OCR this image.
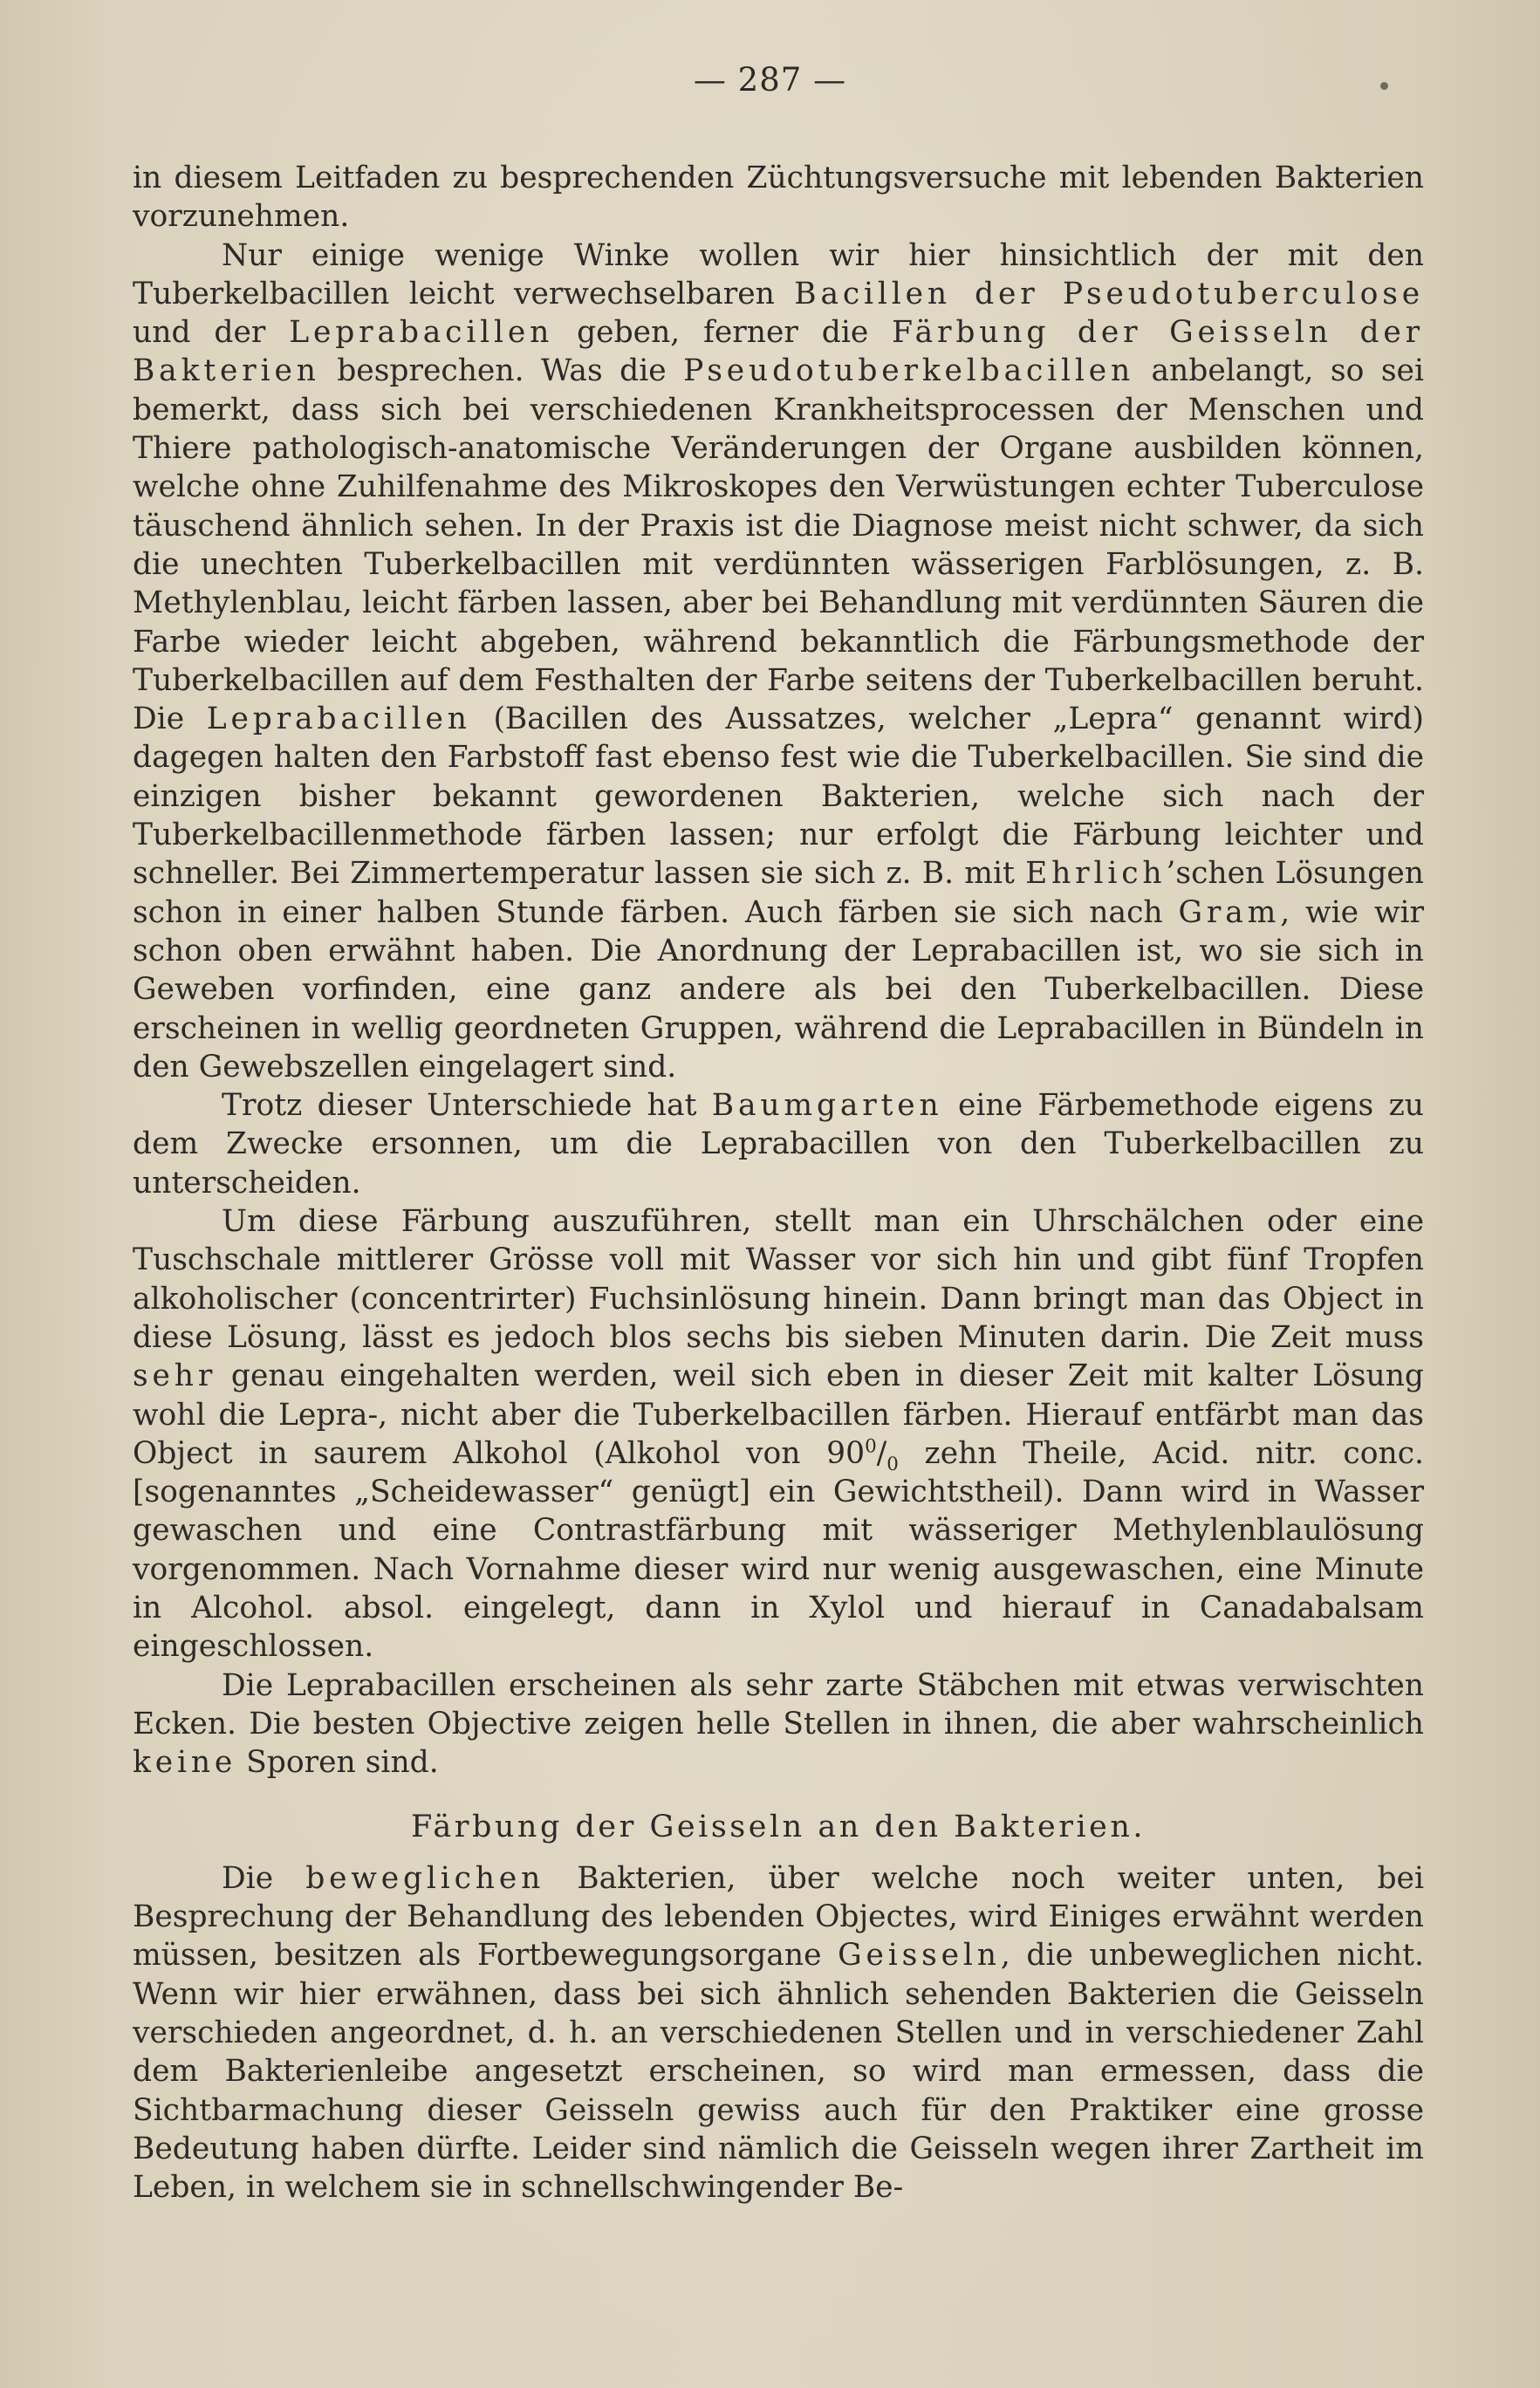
— 287 —

in diesem Leitfaden zu besprechenden Züchtungsversuche mit lebenden Bakterien vorzunehmen.

Nur einige wenige Winke wollen wir hier hinsichtlich der mit den Tuberkelbacillen leicht verwechselbaren Bacillen der Pseudotuberculose und der Leprabacillen geben, ferner die Färbung der Geisseln der Bakterien besprechen. Was die Pseudotuberkelbacillen anbelangt, so sei bemerkt, dass sich bei verschiedenen Krankheitsprocessen der Menschen und Thiere pathologisch-anatomische Veränderungen der Organe ausbilden können, welche ohne Zuhilfenahme des Mikroskopes den Verwüstungen echter Tuberculose täuschend ähnlich sehen. In der Praxis ist die Diagnose meist nicht schwer, da sich die unechten Tuberkelbacillen mit verdünnten wässerigen Farblösungen, z. B. Methylenblau, leicht färben lassen, aber bei Behandlung mit verdünnten Säuren die Farbe wieder leicht abgeben, während bekanntlich die Färbungsmethode der Tuberkelbacillen auf dem Festhalten der Farbe seitens der Tuberkelbacillen beruht. Die Leprabacillen (Bacillen des Aussatzes, welcher „Lepra“ genannt wird) dagegen halten den Farbstoff fast ebenso fest wie die Tuberkelbacillen. Sie sind die einzigen bisher bekannt gewordenen Bakterien, welche sich nach der Tuberkelbacillenmethode färben lassen; nur erfolgt die Färbung leichter und schneller. Bei Zimmertemperatur lassen sie sich z. B. mit Ehrlich’schen Lösungen schon in einer halben Stunde färben. Auch färben sie sich nach Gram, wie wir schon oben erwähnt haben. Die Anordnung der Leprabacillen ist, wo sie sich in Geweben vorfinden, eine ganz andere als bei den Tuberkelbacillen. Diese erscheinen in wellig geordneten Gruppen, während die Leprabacillen in Bündeln in den Gewebszellen eingelagert sind.

Trotz dieser Unterschiede hat Baumgarten eine Färbemethode eigens zu dem Zwecke ersonnen, um die Leprabacillen von den Tuberkelbacillen zu unterscheiden.

Um diese Färbung auszuführen, stellt man ein Uhrschälchen oder eine Tuschschale mittlerer Grösse voll mit Wasser vor sich hin und gibt fünf Tropfen alkoholischer (concentrirter) Fuchsinlösung hinein. Dann bringt man das Object in diese Lösung, lässt es jedoch blos sechs bis sieben Minuten darin. Die Zeit muss sehr genau eingehalten werden, weil sich eben in dieser Zeit mit kalter Lösung wohl die Lepra-, nicht aber die Tuberkelbacillen färben. Hierauf entfärbt man das Object in saurem Alkohol (Alkohol von $90^0/_0$ zehn Theile, Acid. nitr. conc. [sogenanntes „Scheidewasser“ genügt] ein Gewichtstheil). Dann wird in Wasser gewaschen und eine Contrastfärbung mit wässeriger Methylenblaulösung vorgenommen. Nach Vornahme dieser wird nur wenig ausgewaschen, eine Minute in Alcohol. absol. eingelegt, dann in Xylol und hierauf in Canadabalsam eingeschlossen.

Die Leprabacillen erscheinen als sehr zarte Stäbchen mit etwas verwischten Ecken. Die besten Objective zeigen helle Stellen in ihnen, die aber wahrscheinlich keine Sporen sind.

Färbung der Geisseln an den Bakterien.

Die beweglichen Bakterien, über welche noch weiter unten, bei Besprechung der Behandlung des lebenden Objectes, wird Einiges erwähnt werden müssen, besitzen als Fortbewegungsorgane Geisseln, die unbeweglichen nicht. Wenn wir hier erwähnen, dass bei sich ähnlich sehenden Bakterien die Geisseln verschieden angeordnet, d. h. an verschiedenen Stellen und in verschiedener Zahl dem Bakterienleibe angesetzt erscheinen, so wird man ermessen, dass die Sichtbarmachung dieser Geisseln gewiss auch für den Praktiker eine grosse Bedeutung haben dürfte. Leider sind nämlich die Geisseln wegen ihrer Zartheit im Leben, in welchem sie in schnellschwingender Be-
